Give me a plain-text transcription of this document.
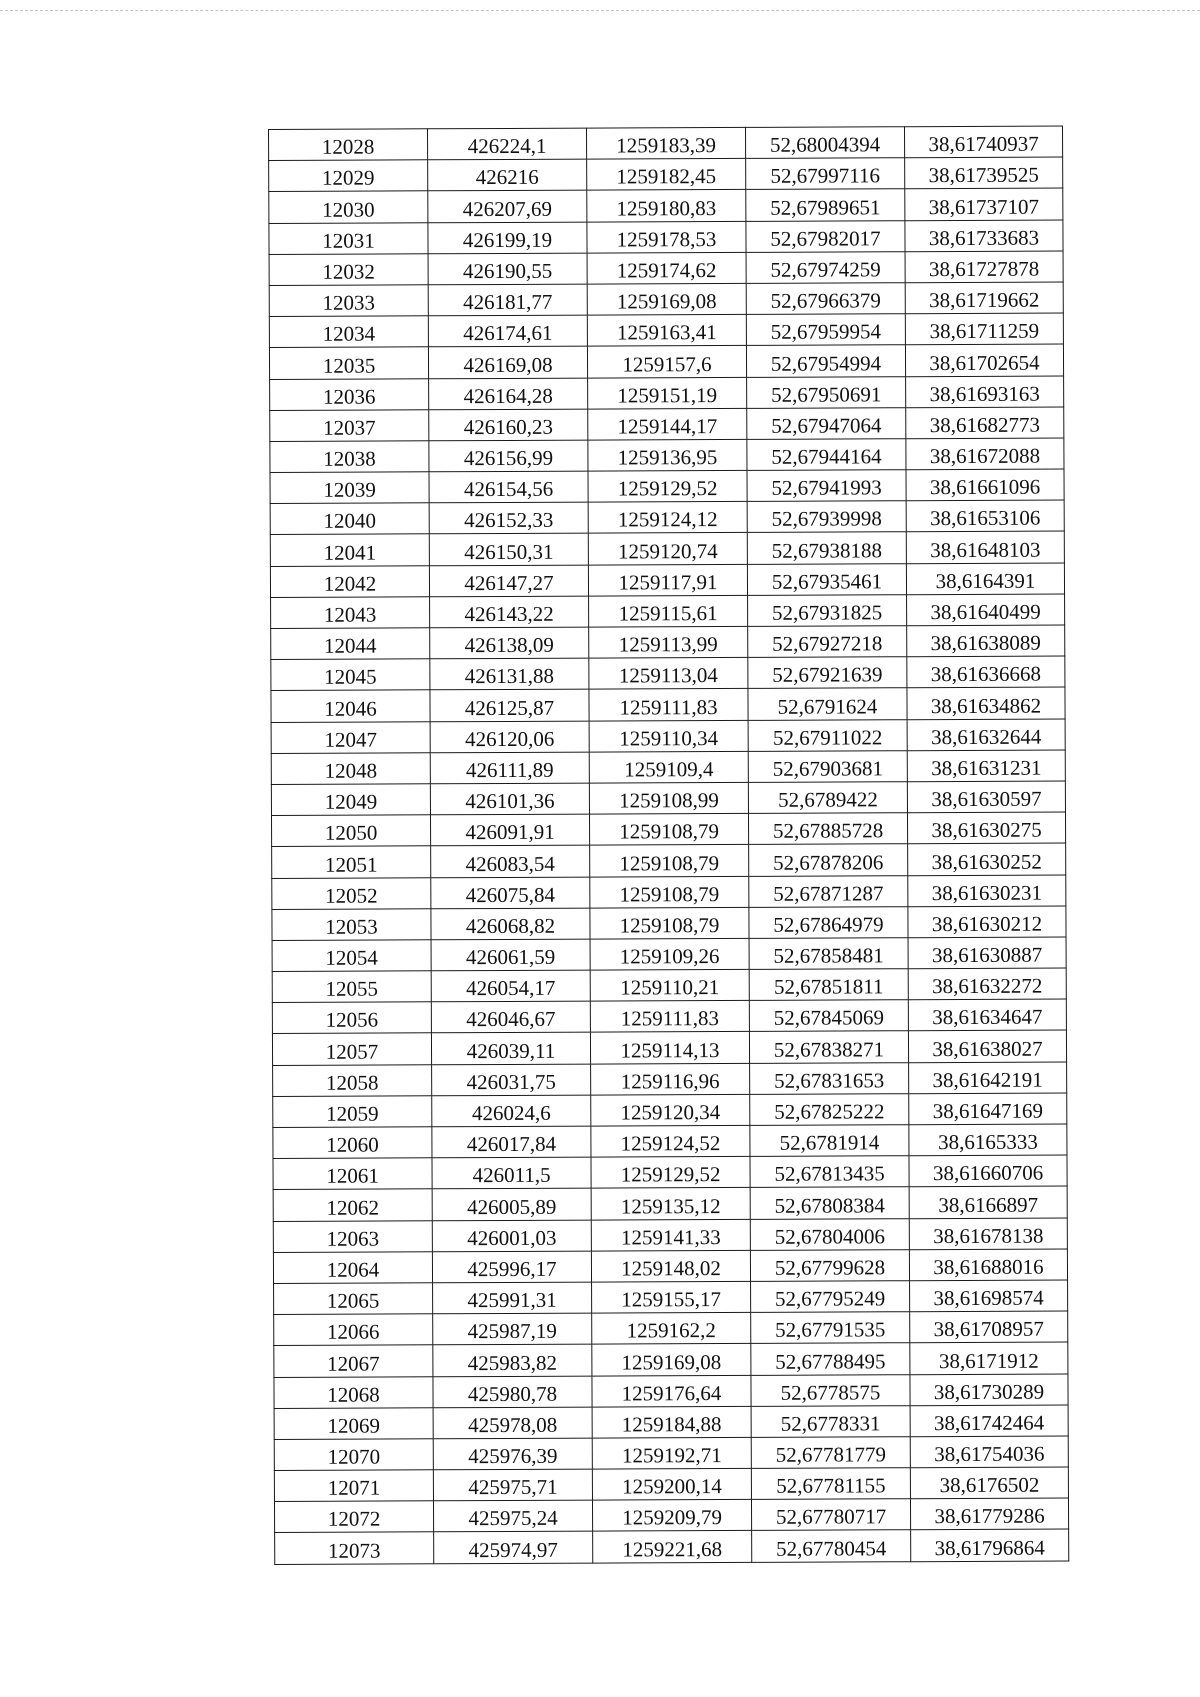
12028	426224,1	1259183,39	52,68004394	38,61740937
12029	426216	1259182,45	52,67997116	38,61739525
12030	426207,69	1259180,83	52,67989651	38,61737107
12031	426199,19	1259178,53	52,67982017	38,61733683
12032	426190,55	1259174,62	52,67974259	38,61727878
12033	426181,77	1259169,08	52,67966379	38,61719662
12034	426174,61	1259163,41	52,67959954	38,61711259
12035	426169,08	1259157,6	52,67954994	38,61702654
12036	426164,28	1259151,19	52,67950691	38,61693163
12037	426160,23	1259144,17	52,67947064	38,61682773
12038	426156,99	1259136,95	52,67944164	38,61672088
12039	426154,56	1259129,52	52,67941993	38,61661096
12040	426152,33	1259124,12	52,67939998	38,61653106
12041	426150,31	1259120,74	52,67938188	38,61648103
12042	426147,27	1259117,91	52,67935461	38,6164391
12043	426143,22	1259115,61	52,67931825	38,61640499
12044	426138,09	1259113,99	52,67927218	38,61638089
12045	426131,88	1259113,04	52,67921639	38,61636668
12046	426125,87	1259111,83	52,6791624	38,61634862
12047	426120,06	1259110,34	52,67911022	38,61632644
12048	426111,89	1259109,4	52,67903681	38,61631231
12049	426101,36	1259108,99	52,6789422	38,61630597
12050	426091,91	1259108,79	52,67885728	38,61630275
12051	426083,54	1259108,79	52,67878206	38,61630252
12052	426075,84	1259108,79	52,67871287	38,61630231
12053	426068,82	1259108,79	52,67864979	38,61630212
12054	426061,59	1259109,26	52,67858481	38,61630887
12055	426054,17	1259110,21	52,67851811	38,61632272
12056	426046,67	1259111,83	52,67845069	38,61634647
12057	426039,11	1259114,13	52,67838271	38,61638027
12058	426031,75	1259116,96	52,67831653	38,61642191
12059	426024,6	1259120,34	52,67825222	38,61647169
12060	426017,84	1259124,52	52,6781914	38,6165333
12061	426011,5	1259129,52	52,67813435	38,61660706
12062	426005,89	1259135,12	52,67808384	38,6166897
12063	426001,03	1259141,33	52,67804006	38,61678138
12064	425996,17	1259148,02	52,67799628	38,61688016
12065	425991,31	1259155,17	52,67795249	38,61698574
12066	425987,19	1259162,2	52,67791535	38,61708957
12067	425983,82	1259169,08	52,67788495	38,6171912
12068	425980,78	1259176,64	52,6778575	38,61730289
12069	425978,08	1259184,88	52,6778331	38,61742464
12070	425976,39	1259192,71	52,67781779	38,61754036
12071	425975,71	1259200,14	52,67781155	38,6176502
12072	425975,24	1259209,79	52,67780717	38,61779286
12073	425974,97	1259221,68	52,67780454	38,61796864
